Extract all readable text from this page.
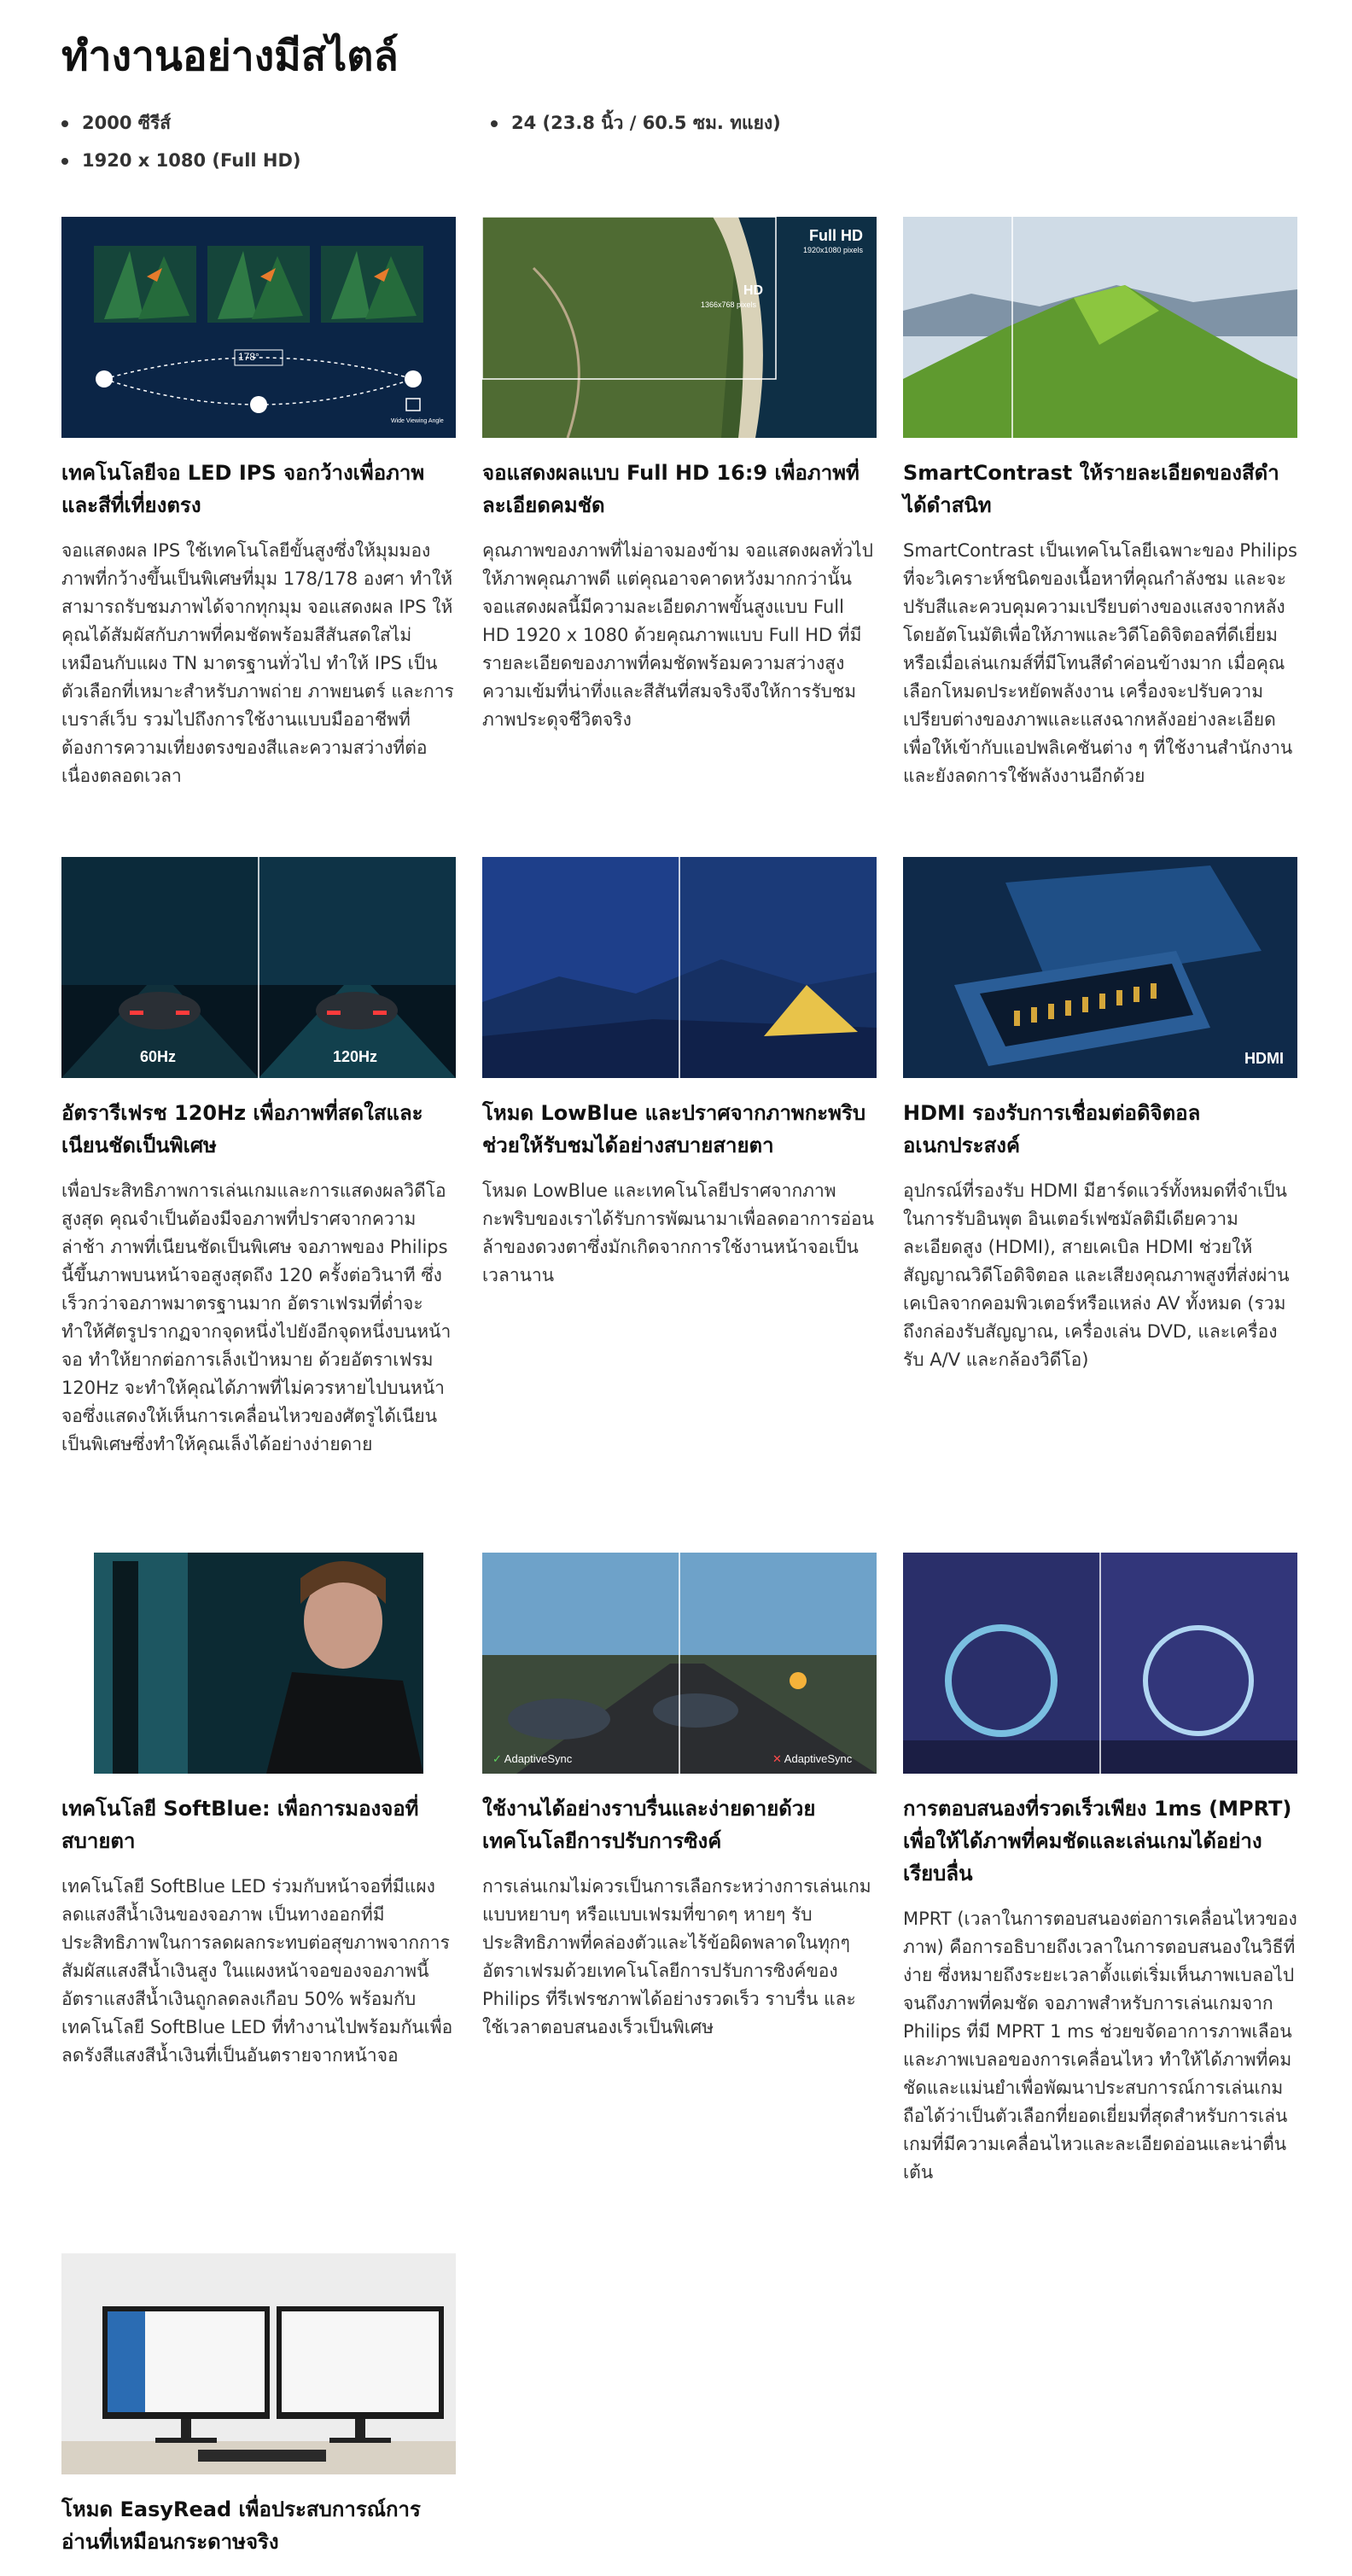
ทำงานอย่างมีสไตล์
2000 ซีรีส์	24 (23.8 นิ้ว / 60.5 ซม. ทแยง)
1920 x 1080 (Full HD)
178°
Wide Viewing Angle
เทคโนโลยีจอ LED IPS จอกว้างเพื่อภาพและสีที่เที่ยงตรง

จอแสดงผล IPS ใช้เทคโนโลยีขั้นสูงซึ่งให้มุมมองภาพที่กว้างขึ้นเป็นพิเศษที่มุม 178/178 องศา ทำให้สามารถรับชมภาพได้จากทุกมุม จอแสดงผล IPS ให้คุณได้สัมผัสกับภาพที่คมชัดพร้อมสีสันสดใสไม่เหมือนกับแผง TN มาตรฐานทั่วไป ทำให้ IPS เป็นตัวเลือกที่เหมาะสำหรับภาพถ่าย ภาพยนตร์ และการเบราส์เว็บ รวมไปถึงการใช้งานแบบมืออาชีพที่ต้องการความเที่ยงตรงของสีและความสว่างที่ต่อเนื่องตลอดเวลา

Full HD
1920x1080 pixels
HD
1366x768 pixels
จอแสดงผลแบบ Full HD 16:9 เพื่อภาพที่ละเอียดคมชัด

คุณภาพของภาพที่ไม่อาจมองข้าม จอแสดงผลทั่วไปให้ภาพคุณภาพดี แต่คุณอาจคาดหวังมากกว่านั้น จอแสดงผลนี้มีความละเอียดภาพขั้นสูงแบบ Full HD 1920 x 1080 ด้วยคุณภาพแบบ Full HD ที่มีรายละเอียดของภาพที่คมชัดพร้อมความสว่างสูง ความเข้มที่น่าทึ่งและสีสันที่สมจริงจึงให้การรับชมภาพประดุจชีวิตจริง

SmartContrast ให้รายละเอียดของสีดำได้ดำสนิท

SmartContrast เป็นเทคโนโลยีเฉพาะของ Philips ที่จะวิเคราะห์ชนิดของเนื้อหาที่คุณกำลังชม และจะปรับสีและควบคุมความเปรียบต่างของแสงจากหลังโดยอัตโนมัติเพื่อให้ภาพและวิดีโอดิจิตอลที่ดีเยี่ยม หรือเมื่อเล่นเกมส์ที่มีโทนสีดำค่อนข้างมาก เมื่อคุณเลือกโหมดประหยัดพลังงาน เครื่องจะปรับความเปรียบต่างของภาพและแสงฉากหลังอย่างละเอียดเพื่อให้เข้ากับแอปพลิเคชันต่าง ๆ ที่ใช้งานสำนักงาน และยังลดการใช้พลังงานอีกด้วย

60Hz	120Hz
อัตรารีเฟรช 120Hz เพื่อภาพที่สดใสและเนียนชัดเป็นพิเศษ

เพื่อประสิทธิภาพการเล่นเกมและการแสดงผลวิดีโอสูงสุด คุณจำเป็นต้องมีจอภาพที่ปราศจากความล่าช้า ภาพที่เนียนชัดเป็นพิเศษ จอภาพของ Philips นี้ขึ้นภาพบนหน้าจอสูงสุดถึง 120 ครั้งต่อวินาที ซึ่งเร็วกว่าจอภาพมาตรฐานมาก อัตราเฟรมที่ต่ำจะทำให้ศัตรูปรากฏจากจุดหนึ่งไปยังอีกจุดหนึ่งบนหน้าจอ ทำให้ยากต่อการเล็งเป้าหมาย ด้วยอัตราเฟรม 120Hz จะทำให้คุณได้ภาพที่ไม่ควรหายไปบนหน้าจอซึ่งแสดงให้เห็นการเคลื่อนไหวของศัตรูได้เนียนเป็นพิเศษซึ่งทำให้คุณเล็งได้อย่างง่ายดาย

โหมด LowBlue และปราศจากภาพกะพริบช่วยให้รับชมได้อย่างสบายสายตา

โหมด LowBlue และเทคโนโลยีปราศจากภาพกะพริบของเราได้รับการพัฒนามาเพื่อลดอาการอ่อนล้าของดวงตาซึ่งมักเกิดจากการใช้งานหน้าจอเป็นเวลานาน

HDMI
HDMI รองรับการเชื่อมต่อดิจิตอลอเนกประสงค์

อุปกรณ์ที่รองรับ HDMI มีฮาร์ดแวร์ทั้งหมดที่จำเป็นในการรับอินพุต อินเตอร์เฟซมัลติมีเดียความละเอียดสูง (HDMI), สายเคเบิล HDMI ช่วยให้สัญญาณวิดีโอดิจิตอล และเสียงคุณภาพสูงที่ส่งผ่านเคเบิลจากคอมพิวเตอร์หรือแหล่ง AV ทั้งหมด (รวมถึงกล่องรับสัญญาณ, เครื่องเล่น DVD, และเครื่องรับ A/V และกล้องวิดีโอ)

เทคโนโลยี SoftBlue: เพื่อการมองจอที่สบายตา

เทคโนโลยี SoftBlue LED ร่วมกับหน้าจอที่มีแผงลดแสงสีน้ำเงินของจอภาพ เป็นทางออกที่มีประสิทธิภาพในการลดผลกระทบต่อสุขภาพจากการสัมผัสแสงสีน้ำเงินสูง ในแผงหน้าจอของจอภาพนี้ อัตราแสงสีน้ำเงินถูกลดลงเกือบ 50% พร้อมกับเทคโนโลยี SoftBlue LED ที่ทำงานไปพร้อมกันเพื่อลดรังสีแสงสีน้ำเงินที่เป็นอันตรายจากหน้าจอ

✓ AdaptiveSync	✕ AdaptiveSync
ใช้งานได้อย่างราบรื่นและง่ายดายด้วยเทคโนโลยีการปรับการซิงค์

การเล่นเกมไม่ควรเป็นการเลือกระหว่างการเล่นเกมแบบหยาบๆ หรือแบบเฟรมที่ขาดๆ หายๆ รับประสิทธิภาพที่คล่องตัวและไร้ข้อผิดพลาดในทุกๆ อัตราเฟรมด้วยเทคโนโลยีการปรับการซิงค์ของ Philips ที่รีเฟรชภาพได้อย่างรวดเร็ว ราบรื่น และใช้เวลาตอบสนองเร็วเป็นพิเศษ

การตอบสนองที่รวดเร็วเพียง 1ms (MPRT) เพื่อให้ได้ภาพที่คมชัดและเล่นเกมได้อย่างเรียบลื่น

MPRT (เวลาในการตอบสนองต่อการเคลื่อนไหวของภาพ) คือการอธิบายถึงเวลาในการตอบสนองในวิธีที่ง่าย ซึ่งหมายถึงระยะเวลาตั้งแต่เริ่มเห็นภาพเบลอไปจนถึงภาพที่คมชัด จอภาพสำหรับการเล่นเกมจาก Philips ที่มี MPRT 1 ms ช่วยขจัดอาการภาพเลือนและภาพเบลอของการเคลื่อนไหว ทำให้ได้ภาพที่คมชัดและแม่นยำเพื่อพัฒนาประสบการณ์การเล่นเกม ถือได้ว่าเป็นตัวเลือกที่ยอดเยี่ยมที่สุดสำหรับการเล่นเกมที่มีความเคลื่อนไหวและละเอียดอ่อนและน่าตื่นเต้น

โหมด EasyRead เพื่อประสบการณ์การอ่านที่เหมือนกระดาษจริง
